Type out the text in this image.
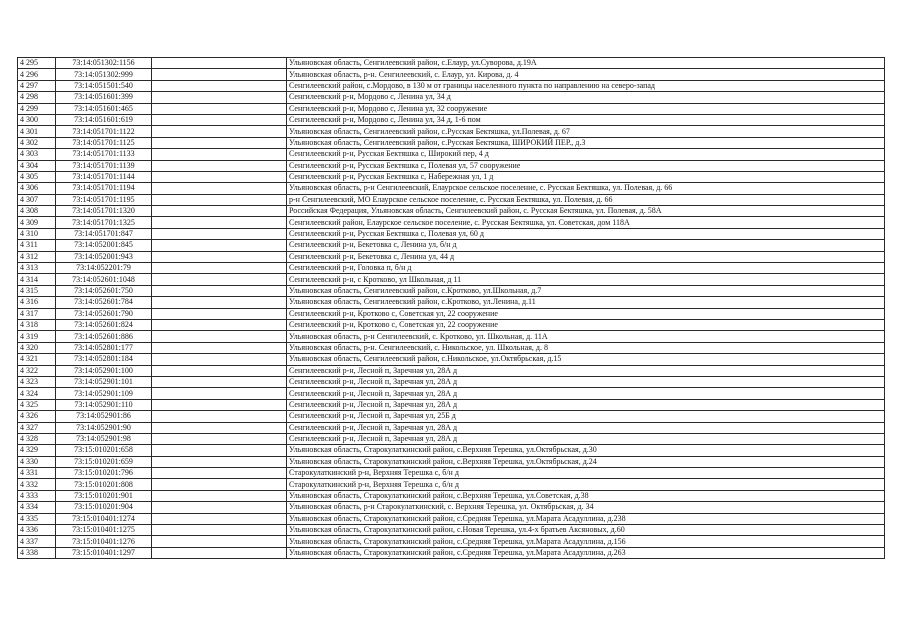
4 295	73:14:051302:1156		Ульяновская область, Сенгилеевский район, с.Елаур, ул.Суворова, д.19А
4 296	73:14:051302:999		Ульяновская область, р-н. Сенгилеевский, с. Елаур, ул. Кирова, д. 4
4 297	73:14:051501:540		Сенгилеевский район, с.Мордово, в 130 м от границы населенного пункта по направлению на северо-запад
4 298	73:14:051601:399		Сенгилеевский р-н, Мордово с, Ленина ул, 34 д
4 299	73:14:051601:465		Сенгилеевский р-н, Мордово с, Ленина ул, 32 сооружение
4 300	73:14:051601:619		Сенгилеевский р-н, Мордово с, Ленина ул, 34 д, 1-6 пом
4 301	73:14:051701:1122		Ульяновская область, Сенгилеевский район, с.Русская Бектяшка, ул.Полевая, д. 67
4 302	73:14:051701:1125		Ульяновская область, Сенгилеевский район, с.Русская Бектяшка, ШИРОКИЙ ПЕР., д.3
4 303	73:14:051701:1133		Сенгилеевский р-н, Русская Бектяшка с, Широкий пер, 4 д
4 304	73:14:051701:1139		Сенгилеевский р-н, Русская Бектяшка с, Полевая ул, 57 сооружение
4 305	73:14:051701:1144		Сенгилеевский р-н, Русская Бектяшка с, Набережная ул, 1 д
4 306	73:14:051701:1194		Ульяновская область, р-н Сенгилеевский, Елаурское сельское поселение, с. Русская Бектяшка, ул. Полевая, д. 66
4 307	73:14:051701:1195		р-н Сенгилеевский, МО Елаурское сельское поселение, с. Русская Бектяшка, ул. Полевая, д. 66
4 308	73:14:051701:1320		Российская Федерация, Ульяновская область, Сенгилеевский район, с. Русская Бектяшка, ул. Полевая, д. 58А
4 309	73:14:051701:1325		Сенгилеевский район, Елаурское сельское поселение, с. Русская Бектяшка, ул. Советская, дом 118А
4 310	73:14:051701:847		Сенгилеевский р-н, Русская Бектяшка с, Полевая ул, 60 д
4 311	73:14:052001:845		Сенгилеевский р-н, Бекетовка с, Ленина ул, б/н д
4 312	73:14:052001:943		Сенгилеевский р-н, Бекетовка с, Ленина ул, 44 д
4 313	73:14:052201:79		Сенгилеевский р-н, Головка п, б/н д
4 314	73:14:052601:1048		Сенгилеевский р-н, с Кротково, ул Школьная, д 11
4 315	73:14:052601:750		Ульяновская область, Сенгилеевский район, с.Кротково, ул.Школьная, д.7
4 316	73:14:052601:784		Ульяновская область, Сенгилеевский район, с.Кротково, ул.Ленина, д.11
4 317	73:14:052601:790		Сенгилеевский р-н, Кротково с, Советская ул, 22 сооружение
4 318	73:14:052601:824		Сенгилеевский р-н, Кротково с, Советская ул, 22 сооружение
4 319	73:14:052601:886		Ульяновская область, р-н Сенгилеевский, с. Кротково, ул. Школьная, д. 11А
4 320	73:14:052801:177		Ульяновская область, р-н. Сенгилеевский, с. Никольское, ул. Школьная, д. 8
4 321	73:14:052801:184		Ульяновская область, Сенгилеевский район, с.Никольское, ул.Октябрьская, д.15
4 322	73:14:052901:100		Сенгилеевский р-н, Лесной п, Заречная ул, 28А д
4 323	73:14:052901:101		Сенгилеевский р-н, Лесной п, Заречная ул, 28А д
4 324	73:14:052901:109		Сенгилеевский р-н, Лесной п, Заречная ул, 28А д
4 325	73:14:052901:110		Сенгилеевский р-н, Лесной п, Заречная ул, 28А д
4 326	73:14:052901:86		Сенгилеевский р-н, Лесной п, Заречная ул, 25Б д
4 327	73:14:052901:90		Сенгилеевский р-н, Лесной п, Заречная ул, 28А д
4 328	73:14:052901:98		Сенгилеевский р-н, Лесной п, Заречная ул, 28А д
4 329	73:15:010201:658		Ульяновская область, Старокулаткинский район, с.Верхняя Терешка, ул.Октябрьская, д.30
4 330	73:15:010201:659		Ульяновская область, Старокулаткинский район, с.Верхняя Терешка, ул.Октябрьская, д.24
4 331	73:15:010201:796		Старокулаткинский р-н, Верхняя Терешка с, б/н д
4 332	73:15:010201:808		Старокулаткинский р-н, Верхняя Терешка с, б/н д
4 333	73:15:010201:901		Ульяновская область, Старокулаткинский район, с.Верхняя Терешка, ул.Советская, д.38
4 334	73:15:010201:904		Ульяновская область, р-н Старокулаткинский, с. Верхняя Терешка, ул. Октябрьская, д. 34
4 335	73:15:010401:1274		Ульяновская область, Старокулаткинский район, с.Средняя Терешка, ул.Марата Асадуллина, д.238
4 336	73:15:010401:1275		Ульяновская область, Старокулаткинский район, с.Новая Терешка, ул.4-х братьев Аксяновых, д.60
4 337	73:15:010401:1276		Ульяновская область, Старокулаткинский район, с.Средняя Терешка, ул.Марата Асадуллина, д.156
4 338	73:15:010401:1297		Ульяновская область, Старокулаткинский район, с.Средняя Терешка, ул.Марата Асадуллина, д.263
